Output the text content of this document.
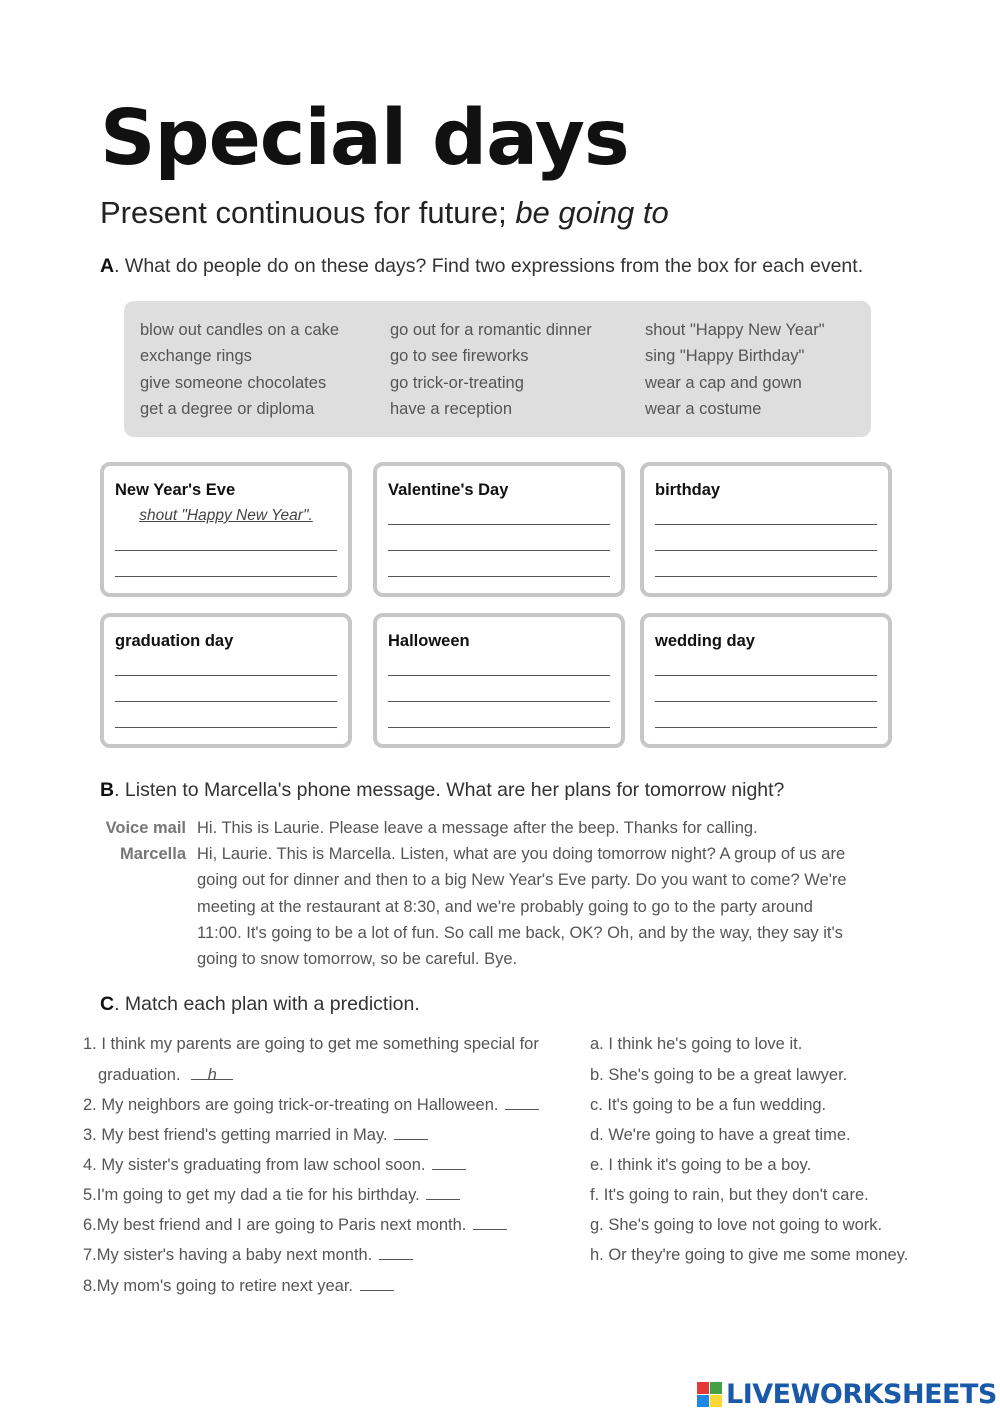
Special days
Present continuous for future; be going to
A. What do people do on these days? Find two expressions from the box for each event.
blow out candles on a cake
exchange rings
give someone chocolates
get a degree or diploma
go out for a romantic dinner
go to see fireworks
go trick-or-treating
have a reception
shout "Happy New Year"
sing "Happy Birthday"
wear a cap and gown
wear a costume
New Year's Eve
shout "Happy New Year".
Valentine's Day	birthday
graduation day	Halloween	wedding day
B. Listen to Marcella's phone message. What are her plans for tomorrow night?
Voice mail Hi. This is Laurie. Please leave a message after the beep. Thanks for calling.
Marcella Hi, Laurie. This is Marcella. Listen, what are you doing tomorrow night? A group of us are
going out for dinner and then to a big New Year's Eve party. Do you want to come? We're
meeting at the restaurant at 8:30, and we're probably going to go to the party around
11:00. It's going to be a lot of fun. So call me back, OK? Oh, and by the way, they say it's
going to snow tomorrow, so be careful. Bye.
C. Match each plan with a prediction.
1. I think my parents are going to get me something special for
graduation. h
2. My neighbors are going trick-or-treating on Halloween.
3. My best friend's getting married in May.
4. My sister's graduating from law school soon.
5.I'm going to get my dad a tie for his birthday.
6.My best friend and I are going to Paris next month.
7.My sister's having a baby next month.
8.My mom's going to retire next year.
a. I think he's going to love it.
b. She's going to be a great lawyer.
c. It's going to be a fun wedding.
d. We're going to have a great time.
e. I think it's going to be a boy.
f. It's going to rain, but they don't care.
g. She's going to love not going to work.
h. Or they're going to give me some money.
LIVEWORKSHEETS
